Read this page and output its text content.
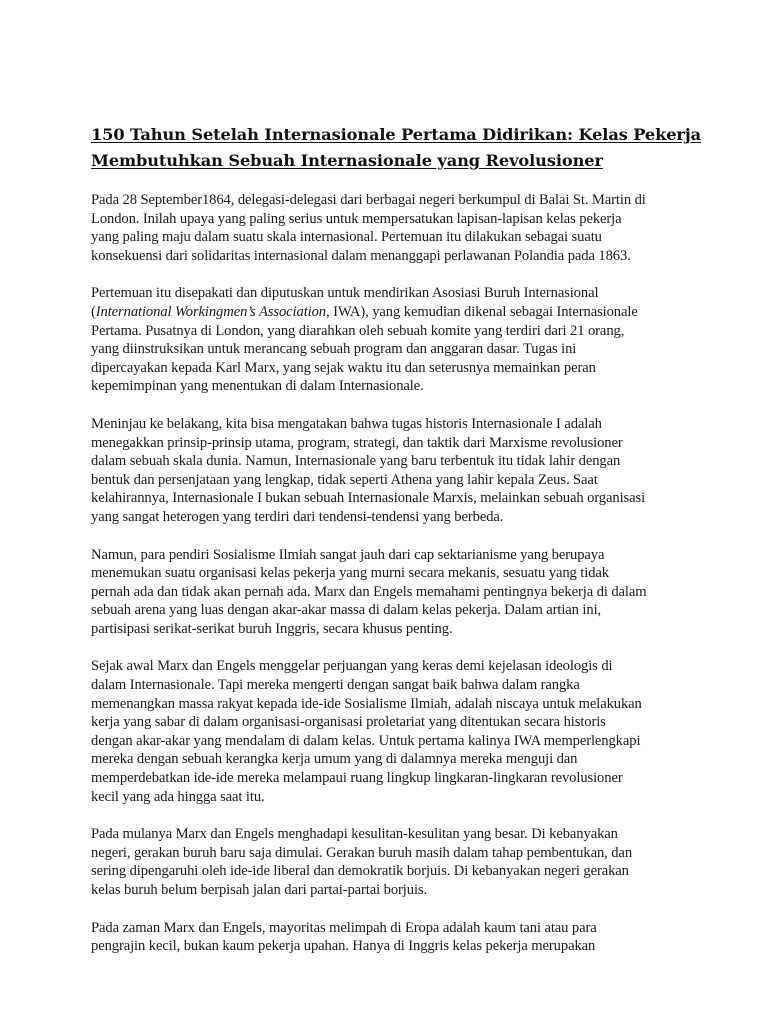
150 Tahun Setelah Internasionale Pertama Didirikan: Kelas Pekerja
Membutuhkan Sebuah Internasionale yang Revolusioner

Pada 28 September1864, delegasi-delegasi dari berbagai negeri berkumpul di Balai St. Martin di
London. Inilah upaya yang paling serius untuk mempersatukan lapisan-lapisan kelas pekerja
yang paling maju dalam suatu skala internasional. Pertemuan itu dilakukan sebagai suatu
konsekuensi dari solidaritas internasional dalam menanggapi perlawanan Polandia pada 1863.

Pertemuan itu disepakati dan diputuskan untuk mendirikan Asosiasi Buruh Internasional
(International Workingmen’s Association, IWA), yang kemudian dikenal sebagai Internasionale
Pertama. Pusatnya di London, yang diarahkan oleh sebuah komite yang terdiri dari 21 orang,
yang diinstruksikan untuk merancang sebuah program dan anggaran dasar. Tugas ini
dipercayakan kepada Karl Marx, yang sejak waktu itu dan seterusnya memainkan peran
kepemimpinan yang menentukan di dalam Internasionale.

Meninjau ke belakang, kita bisa mengatakan bahwa tugas historis Internasionale I adalah
menegakkan prinsip-prinsip utama, program, strategi, dan taktik dari Marxisme revolusioner
dalam sebuah skala dunia. Namun, Internasionale yang baru terbentuk itu tidak lahir dengan
bentuk dan persenjataan yang lengkap, tidak seperti Athena yang lahir kepala Zeus. Saat
kelahirannya, Internasionale I bukan sebuah Internasionale Marxis, melainkan sebuah organisasi
yang sangat heterogen yang terdiri dari tendensi-tendensi yang berbeda.

Namun, para pendiri Sosialisme Ilmiah sangat jauh dari cap sektarianisme yang berupaya
menemukan suatu organisasi kelas pekerja yang murni secara mekanis, sesuatu yang tidak
pernah ada dan tidak akan pernah ada. Marx dan Engels memahami pentingnya bekerja di dalam
sebuah arena yang luas dengan akar-akar massa di dalam kelas pekerja. Dalam artian ini,
partisipasi serikat-serikat buruh Inggris, secara khusus penting.

Sejak awal Marx dan Engels menggelar perjuangan yang keras demi kejelasan ideologis di
dalam Internasionale. Tapi mereka mengerti dengan sangat baik bahwa dalam rangka
memenangkan massa rakyat kepada ide-ide Sosialisme Ilmiah, adalah niscaya untuk melakukan
kerja yang sabar di dalam organisasi-organisasi proletariat yang ditentukan secara historis
dengan akar-akar yang mendalam di dalam kelas. Untuk pertama kalinya IWA memperlengkapi
mereka dengan sebuah kerangka kerja umum yang di dalamnya mereka menguji dan
memperdebatkan ide-ide mereka melampaui ruang lingkup lingkaran-lingkaran revolusioner
kecil yang ada hingga saat itu.

Pada mulanya Marx dan Engels menghadapi kesulitan-kesulitan yang besar. Di kebanyakan
negeri, gerakan buruh baru saja dimulai. Gerakan buruh masih dalam tahap pembentukan, dan
sering dipengaruhi oleh ide-ide liberal dan demokratik borjuis. Di kebanyakan negeri gerakan
kelas buruh belum berpisah jalan dari partai-partai borjuis.

Pada zaman Marx dan Engels, mayoritas melimpah di Eropa adalah kaum tani atau para
pengrajin kecil, bukan kaum pekerja upahan. Hanya di Inggris kelas pekerja merupakan
